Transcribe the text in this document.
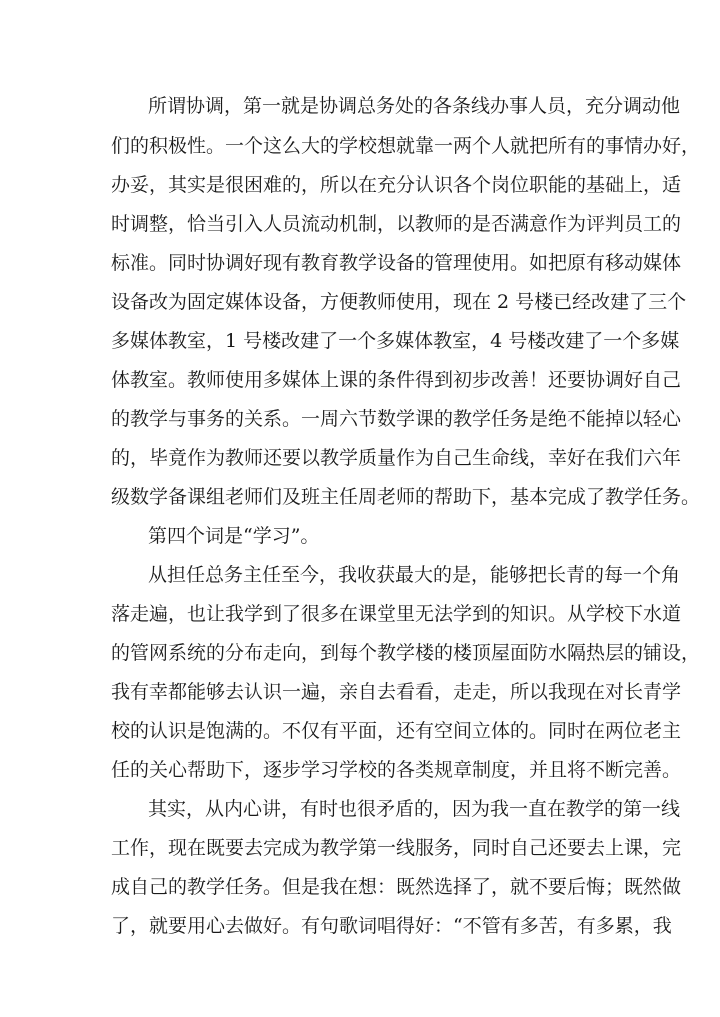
所谓协调，第一就是协调总务处的各条线办事人员，充分调动他
们的积极性。一个这么大的学校想就靠一两个人就把所有的事情办好，
办妥，其实是很困难的，所以在充分认识各个岗位职能的基础上，适
时调整，恰当引入人员流动机制，以教师的是否满意作为评判员工的
标准。同时协调好现有教育教学设备的管理使用。如把原有移动媒体
设备改为固定媒体设备，方便教师使用，现在 2 号楼已经改建了三个
多媒体教室，1 号楼改建了一个多媒体教室，4 号楼改建了一个多媒
体教室。教师使用多媒体上课的条件得到初步改善！还要协调好自己
的教学与事务的关系。一周六节数学课的教学任务是绝不能掉以轻心
的，毕竟作为教师还要以教学质量作为自己生命线，幸好在我们六年
级数学备课组老师们及班主任周老师的帮助下，基本完成了教学任务。
第四个词是“学习”。
从担任总务主任至今，我收获最大的是，能够把长青的每一个角
落走遍，也让我学到了很多在课堂里无法学到的知识。从学校下水道
的管网系统的分布走向，到每个教学楼的楼顶屋面防水隔热层的铺设，
我有幸都能够去认识一遍，亲自去看看，走走，所以我现在对长青学
校的认识是饱满的。不仅有平面，还有空间立体的。同时在两位老主
任的关心帮助下，逐步学习学校的各类规章制度，并且将不断完善。
其实，从内心讲，有时也很矛盾的，因为我一直在教学的第一线
工作，现在既要去完成为教学第一线服务，同时自己还要去上课，完
成自己的教学任务。但是我在想：既然选择了，就不要后悔；既然做
了，就要用心去做好。有句歌词唱得好：“不管有多苦，有多累，我
